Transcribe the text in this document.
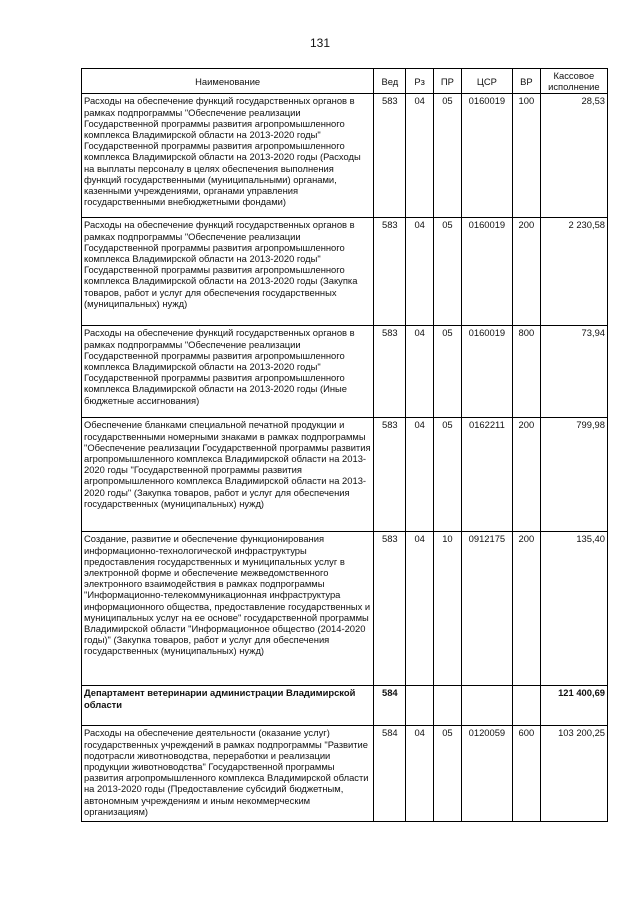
131
Наименование	Вед	Рз	ПР	ЦСР	ВР	Кассовое исполнение
Расходы на обеспечение функций государственных органов в рамках подпрограммы "Обеспечение реализации Государственной программы развития агропромышленного комплекса Владимирской области на 2013-2020 годы" Государственной программы развития агропромышленного комплекса Владимирской области на 2013-2020 годы (Расходы на выплаты персоналу в целях обеспечения выполнения функций государственными (муниципальными) органами, казенными учреждениями, органами управления государственными внебюджетными фондами)	583	04	05	0160019	100	28,53
Расходы на обеспечение функций государственных органов в рамках подпрограммы "Обеспечение реализации Государственной программы развития агропромышленного комплекса Владимирской области на 2013-2020 годы" Государственной программы развития агропромышленного комплекса Владимирской области на 2013-2020 годы (Закупка товаров, работ и услуг для обеспечения государственных (муниципальных) нужд)	583	04	05	0160019	200	2 230,58
Расходы на обеспечение функций государственных органов в рамках подпрограммы "Обеспечение реализации Государственной программы развития агропромышленного комплекса Владимирской области на 2013-2020 годы" Государственной программы развития агропромышленного комплекса Владимирской области на 2013-2020 годы (Иные бюджетные ассигнования)	583	04	05	0160019	800	73,94
Обеспечение бланками специальной печатной продукции и государственными номерными знаками в рамках подпрограммы "Обеспечение реализации Государственной программы развития агропромышленного комплекса Владимирской области на 2013-2020 годы "Государственной программы развития агропромышленного комплекса Владимирской области на 2013-2020 годы" (Закупка товаров, работ и услуг для обеспечения государственных (муниципальных) нужд)	583	04	05	0162211	200	799,98
Создание, развитие и обеспечение функционирования информационно-технологической инфраструктуры предоставления государственных и муниципальных услуг в электронной форме и обеспечение межведомственного электронного взаимодействия в рамках подпрограммы "Информационно-телекоммуникационная инфраструктура информационного общества, предоставление государственных и муниципальных услуг на ее основе" государственной программы Владимирской области "Информационное общество (2014-2020 годы)" (Закупка товаров, работ и услуг для обеспечения государственных (муниципальных) нужд)	583	04	10	0912175	200	135,40
Департамент ветеринарии администрации Владимирской области	584					121 400,69
Расходы на обеспечение деятельности (оказание услуг) государственных учреждений в рамках подпрограммы "Развитие подотрасли животноводства, переработки и реализации продукции животноводства" Государственной программы развития агропромышленного комплекса Владимирской области на 2013-2020 годы (Предоставление субсидий бюджетным, автономным учреждениям и иным некоммерческим организациям)	584	04	05	0120059	600	103 200,25
